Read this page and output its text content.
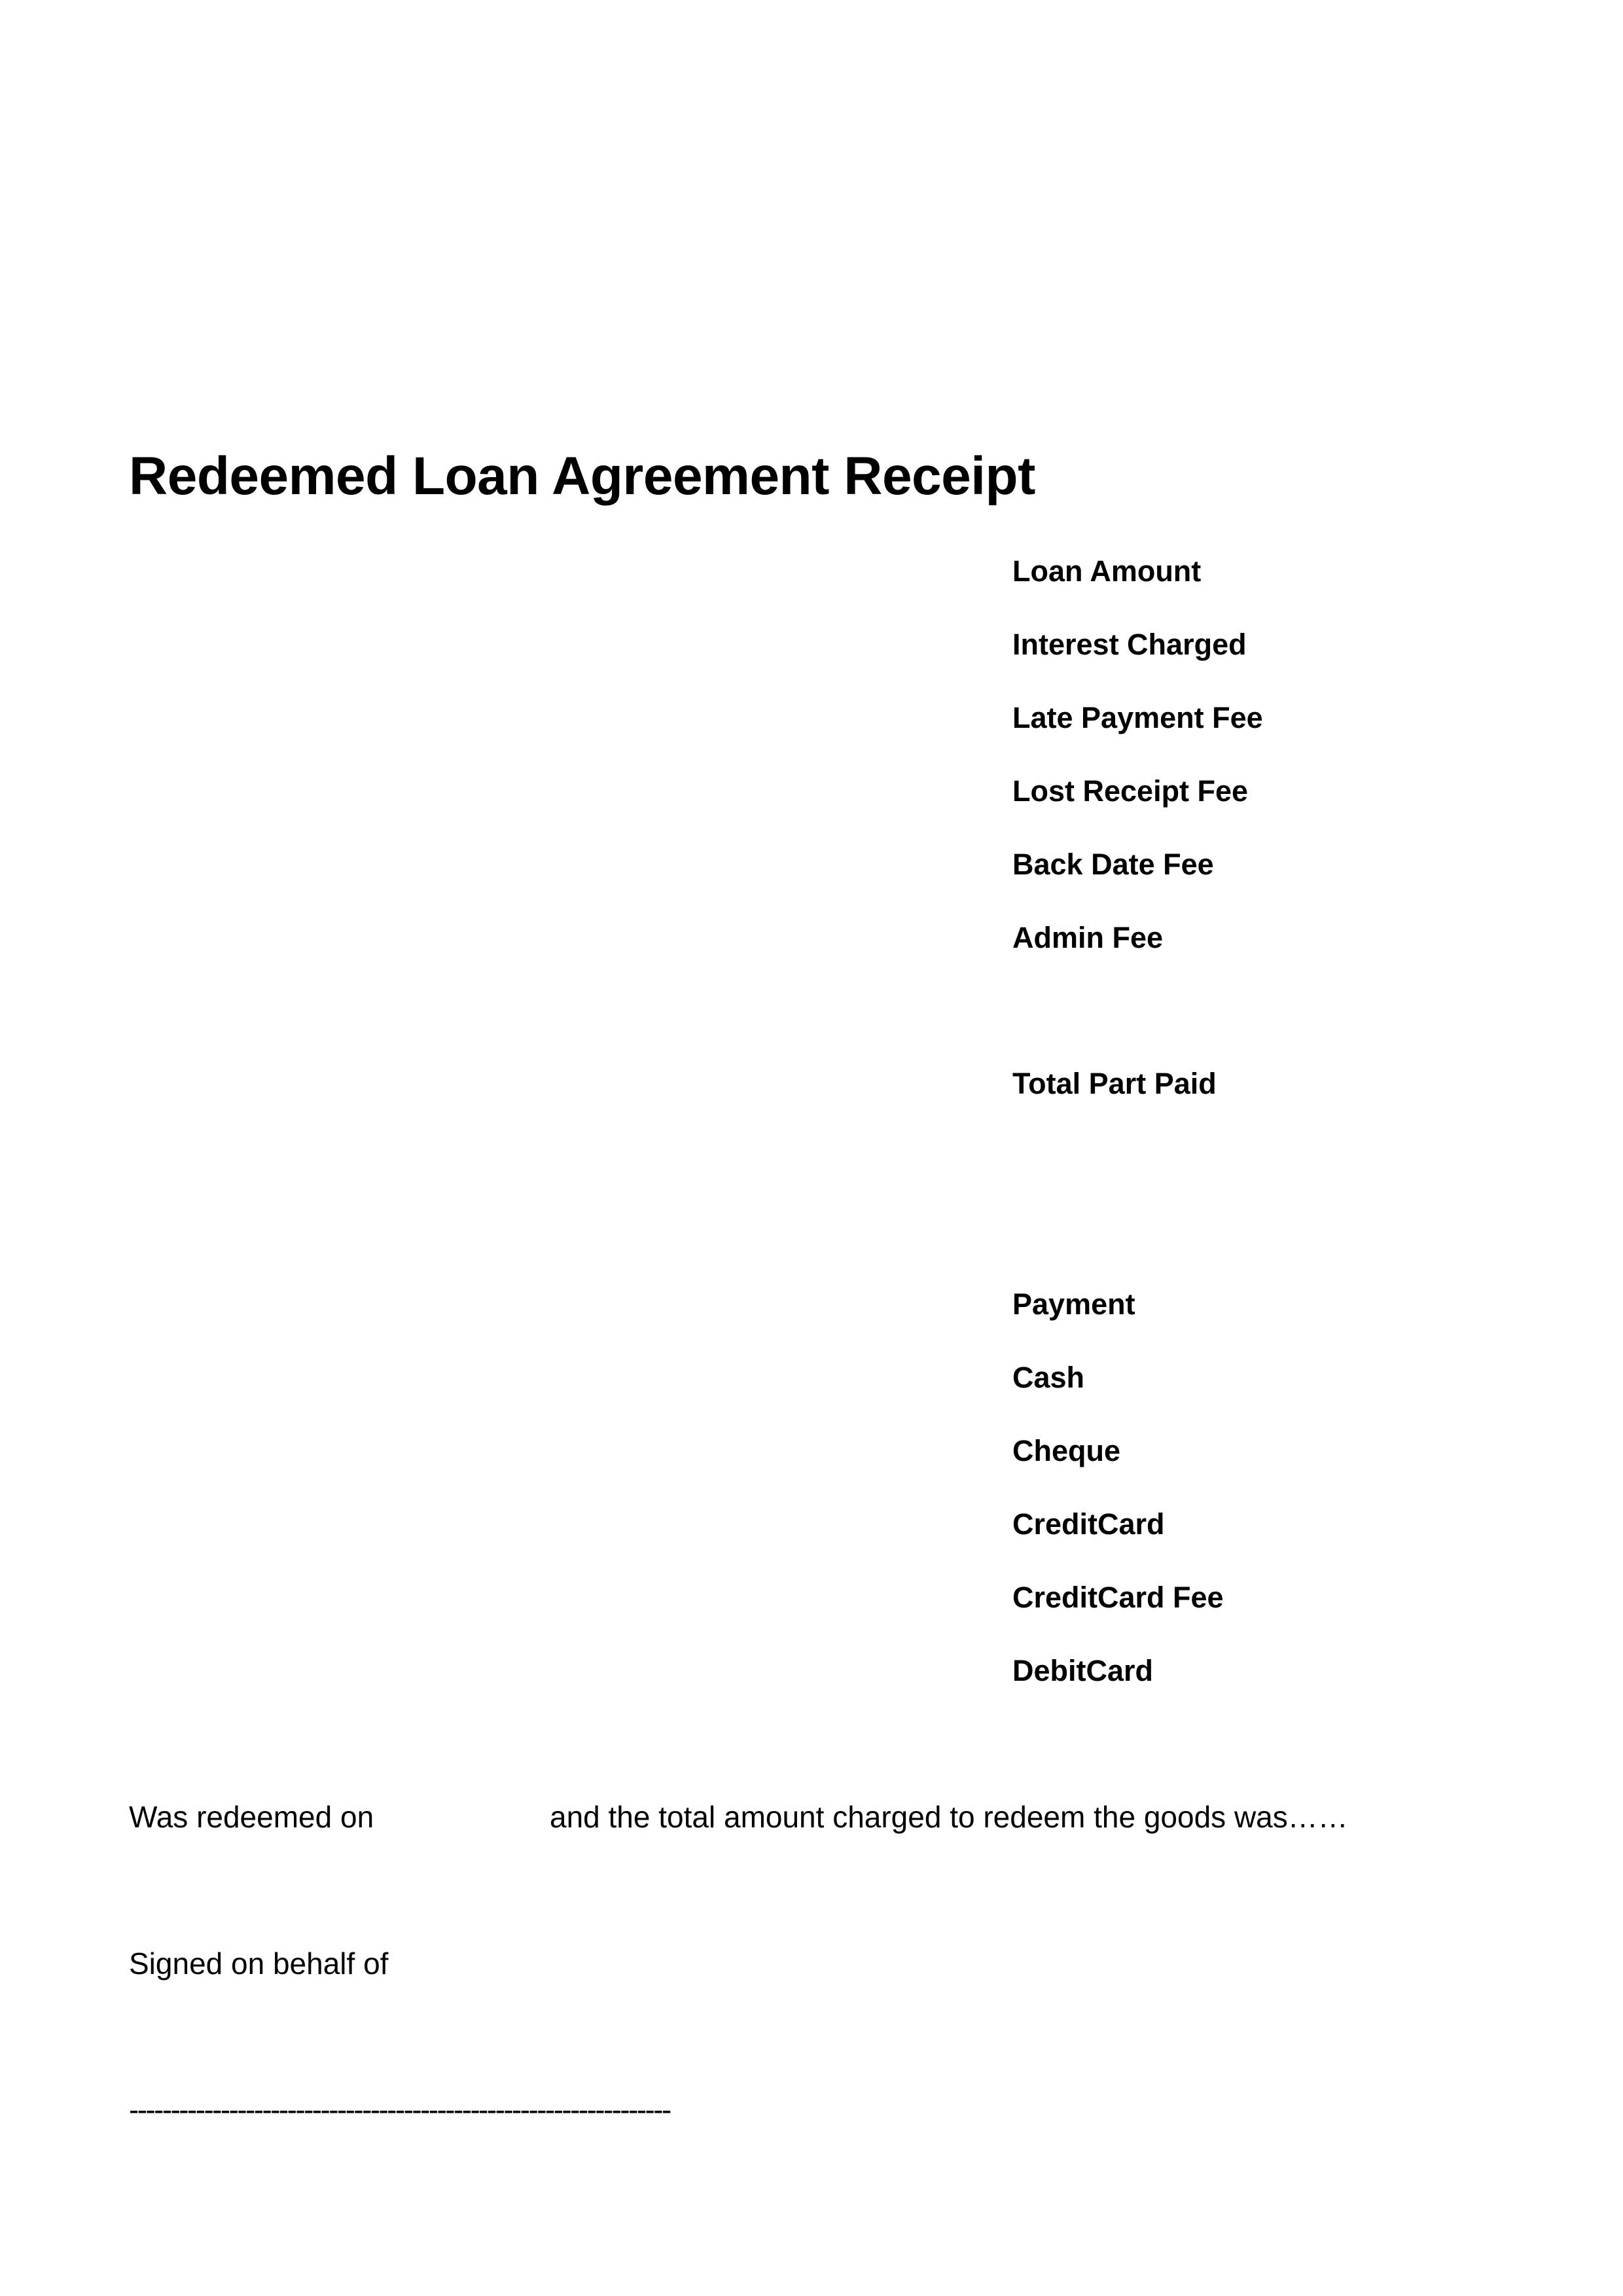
Redeemed Loan Agreement Receipt
Loan Amount
Interest Charged
Late Payment Fee
Lost Receipt Fee
Back Date Fee
Admin Fee
Total Part Paid
Payment
Cash
Cheque
CreditCard
CreditCard Fee
DebitCard
Was redeemed on	and the total amount charged to redeem the goods was……
Signed on behalf of
-----------------------------------------------------------------
